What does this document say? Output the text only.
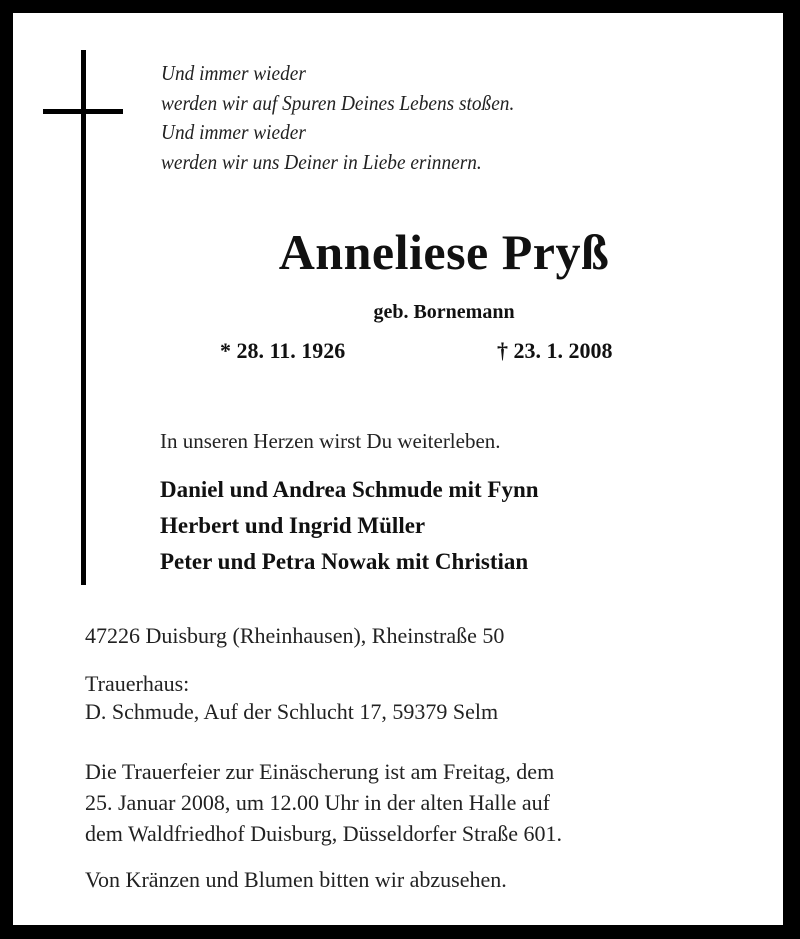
Und immer wieder
werden wir auf Spuren Deines Lebens stoßen.
Und immer wieder
werden wir uns Deiner in Liebe erinnern.
Anneliese Pryß
geb. Bornemann
* 28. 11. 1926	† 23. 1. 2008
In unseren Herzen wirst Du weiterleben.
Daniel und Andrea Schmude mit Fynn
Herbert und Ingrid Müller
Peter und Petra Nowak mit Christian
47226 Duisburg (Rheinhausen), Rheinstraße 50
Trauerhaus:
D. Schmude, Auf der Schlucht 17, 59379 Selm
Die Trauerfeier zur Einäscherung ist am Freitag, dem
25. Januar 2008, um 12.00 Uhr in der alten Halle auf
dem Waldfriedhof Duisburg, Düsseldorfer Straße 601.
Von Kränzen und Blumen bitten wir abzusehen.
